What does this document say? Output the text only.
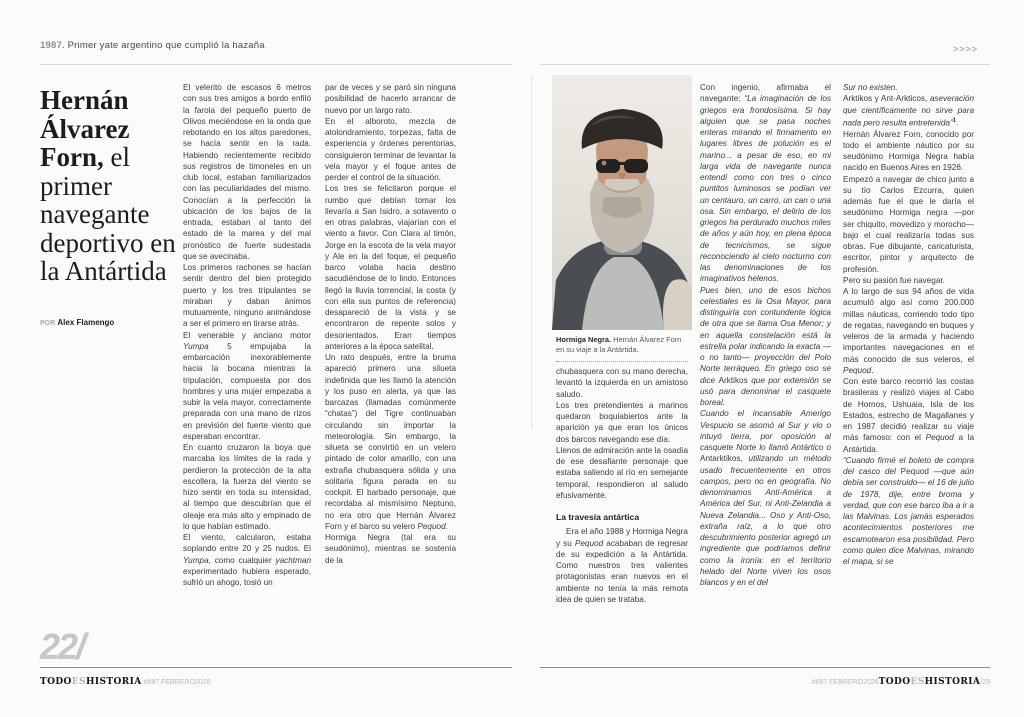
1987. Primer yate argentino que cumplió la hazaña	>>>>
Hernán Álvarez Forn, el primer navegante deportivo en la Antártida
POR Alex Flamengo

El velerito de escasos 6 metros con sus tres amigos a bordo enfiló la farola del pequeño puerto de Olivos meciéndose en la onda que rebotando en los altos paredones, se hacía sentir en la rada. Habiendo recientemente recibido sus registros de timoneles en un club local, estaban familiarizados con las peculiaridades del mismo. Conocían a la perfección la ubicación de los bajos de la entrada, estaban al tanto del estado de la marea y del mal pronóstico de fuerte sudestada que se avecinaba.

Los primeros rachones se hacían sentir dentro del bien protegido puerto y los tres tripulantes se miraban y daban ánimos mutuamente, ninguno animándose a ser el primero en tirarse atrás.

El venerable y anciano motor Yumpa 5 empujaba la embarcación inexorablemente hacia la bocana mientras la tripulación, compuesta por dos hombres y una mujer empezaba a subir la vela mayor, correctamente preparada con una mano de rizos en previsión del fuerte viento que esperaban encontrar.

En cuanto cruzaron la boya que marcaba los límites de la rada y perdieron la protección de la alta escollera, la fuerza del viento se hizo sentir en toda su intensidad, al tiempo que descubrían que el oleaje era más alto y empinado de lo que habían estimado.

El viento, calcularon, estaba soplando entre 20 y 25 nudos. El Yumpa, como cualquier yachtman experimentado hubiera esperado, sufrió un ahogo, tosió un

par de veces y se paró sin ninguna posibilidad de hacerlo arrancar de nuevo por un largo rato.

En el alboroto, mezcla de atolondramiento, torpezas, falta de experiencia y órdenes perentorias, consiguieron terminar de levantar la vela mayor y el foque antes de perder el control de la situación.

Los tres se felicitaron porque el rumbo que debían tomar los llevaría a San Isidro, a sotavento o en otras palabras, viajarían con el viento a favor. Con Clara al timón, Jorge en la escota de la vela mayor y Ale en la del foque, el pequeño barco volaba hacia destino sacudiéndose de lo lindo. Entonces llegó la lluvia torrencial, la costa (y con ella sus puntos de referencia) desapareció de la vista y se encontraron de repente solos y desorientados. Eran tiempos anteriores a la época satelital.

Un rato después, entre la bruma apareció primero una silueta indefinida que les llamó la atención y los puso en alerta, ya que las barcazas (llamadas comúnmente “chatas”) del Tigre continuaban circulando sin importar la meteorología. Sin embargo, la silueta se convirtió en un velero pintado de color amarillo, con una extraña chubasquera sólida y una solitaria figura parada en su cockpit. El barbado personaje, que recordaba al mismísimo Neptuno, no era otro que Hernán Álvarez Forn y el barco su velero Pequod.

Hormiga Negra (tal era su seudónimo), mientras se sostenía de la

Hormiga Negra. Hernán Álvarez Forn en su viaje a la Antártida.

chubasquera con su mano derecha, levantó la izquierda en un amistoso saludo.

Los tres pretendientes a marinos quedaron boquiabiertos ante la aparición ya que eran los únicos dos barcos navegando ese día.

Llenos de admiración ante la osadía de ese desafiante personaje que estaba saliendo al río en semejante temporal, respondieron al saludo efusivamente.

La travesía antártica

Era el año 1988 y Hormiga Negra y su Pequod acababan de regresar de su expedición a la Antártida. Como nuestros tres valientes protagonistas eran nuevos en el ambiente no tenía la más remota idea de quien se trataba.

Con ingenio, afirmaba el navegante: “La imaginación de los griegos era frondosísima. Si hay alguien que se pasa noches enteras mirando el firmamento en lugares libres de polución es el marino... a pesar de eso, en mi larga vida de navegante nunca entendí como con tres o cinco puntitos luminosos se podían ver un centauro, un carro, un can o una osa. Sin embargo, el delirio de los griegos ha perdurado muchos miles de años y aún hoy, en plena época de tecnicismos, se sigue reconociendo al cielo nocturno con las denominaciones de los imaginativos helenos.

Pues bien, uno de esos bichos celestiales es la Osa Mayor, para distinguirla con contundente lógica de otra que se llama Osa Menor; y en aquella constelación está la estrella polar indicando la exacta —o no tanto— proyección del Polo Norte terráqueo. En griego oso se dice Arktikos que por extensión se usó para denominar el casquete boreal.

Cuando el incansable Amerigo Vespucio se asomó al Sur y vio o intuyó tierra, por oposición al casquete Norte lo llamó Antártico o Antarktikos, utilizando un método usado frecuentemente en otros campos, pero no en geografía. No denominamos Anti-América a América del Sur, ni Anti-Zelandia a Nueva Zelandia... Oso y Anti-Oso, extraña raíz, a lo que otro descubrimiento posterior agregó un ingrediente que podríamos definir como la ironía: en el territorio helado del Norte viven los osos blancos y en el del

Sur no existen.

Arktikos y Ant-Arkticos, aseveración que científicamente no sirve para nada pero resulta entretenida”$^1$.

Hernán Álvarez Forn, conocido por todo el ambiente náutico por su seudónimo Hormiga Negra había nacido en Buenos Aires en 1926.

Empezó a navegar de chico junto a su tío Carlos Ezcurra, quien además fue el que le daría el seudónimo Hormiga negra —por ser chiquito, movedizo y morocho— bajo el cual realizaría todas sus obras. Fue dibujante, caricaturista, escritor, pintor y arquitecto de profesión.

Pero su pasión fue navegar.

A lo largo de sus 94 años de vida acumuló algo así como 200.000 millas náuticas, corriendo todo tipo de regatas, navegando en buques y veleros de la armada y haciendo importantes navegaciones en el más conocido de sus veleros, el Pequod.

Con este barco recorrió las costas brasileras y realizó viajes al Cabo de Hornos, Ushuaia, Isla de los Estados, estrecho de Magallanes y en 1987 decidió realizar su viaje más famoso: con el Pequod a la Antártida.

“Cuando firmé el boleto de compra del casco del Pequod —que aún debía ser construido— el 16 de julio de 1978, dije, entre broma y verdad, que con ese barco iba a ir a las Malvinas. Los jamás esperados acontecimientos posteriores me escamotearon esa posibilidad. Pero como quien dice Malvinas, mirando el mapa, si se

22/
TODOESHISTORIA #697.FEBRERO2026	#697.FEBRERO2026TODOESHISTORIA/23
